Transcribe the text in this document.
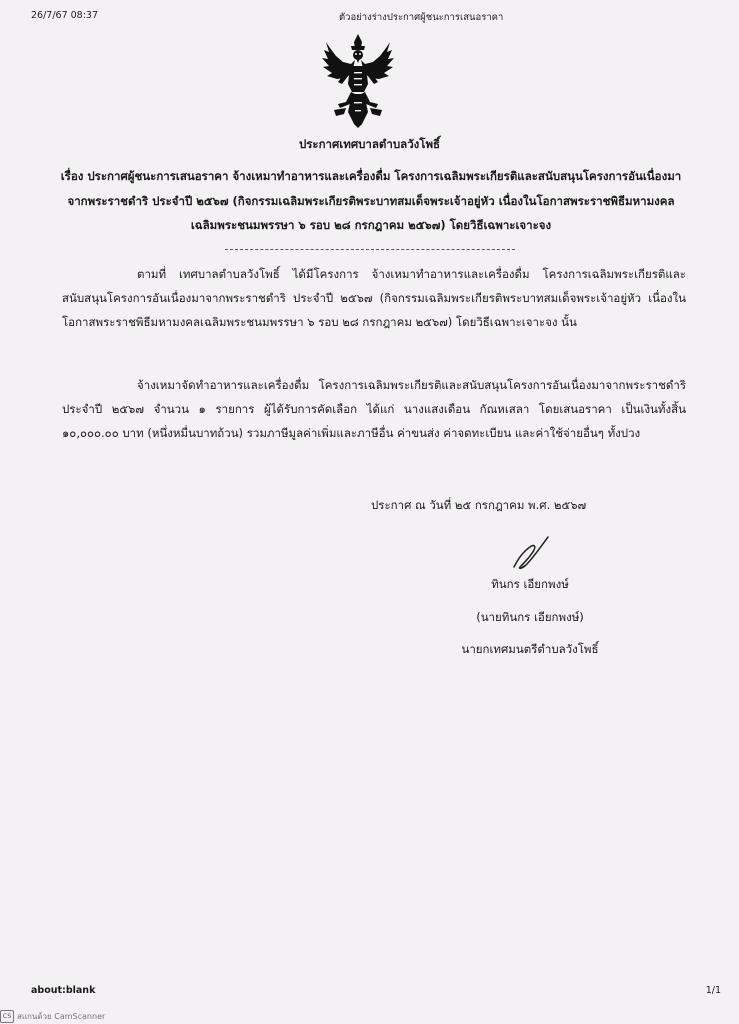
26/7/67 08:37	ตัวอย่างร่างประกาศผู้ชนะการเสนอราคา
ประกาศเทศบาลตำบลวังโพธิ์
เรื่อง ประกาศผู้ชนะการเสนอราคา จ้างเหมาทำอาหารและเครื่องดื่ม โครงการเฉลิมพระเกียรติและสนับสนุนโครงการอันเนื่องมาจากพระราชดำริ ประจำปี ๒๕๖๗ (กิจกรรมเฉลิมพระเกียรติพระบาทสมเด็จพระเจ้าอยู่หัว เนื่องในโอกาสพระราชพิธีมหามงคลเฉลิมพระชนมพรรษา ๖ รอบ ๒๘ กรกฎาคม ๒๕๖๗) โดยวิธีเฉพาะเจาะจง
ตามที่ เทศบาลตำบลวังโพธิ์ ได้มีโครงการ จ้างเหมาทำอาหารและเครื่องดื่ม โครงการเฉลิมพระเกียรติและสนับสนุนโครงการอันเนื่องมาจากพระราชดำริ ประจำปี ๒๕๖๗ (กิจกรรมเฉลิมพระเกียรติพระบาทสมเด็จพระเจ้าอยู่หัว เนื่องในโอกาสพระราชพิธีมหามงคลเฉลิมพระชนมพรรษา ๖ รอบ ๒๘ กรกฎาคม ๒๕๖๗) โดยวิธีเฉพาะเจาะจง นั้น
จ้างเหมาจัดทำอาหารและเครื่องดื่ม โครงการเฉลิมพระเกียรติและสนับสนุนโครงการอันเนื่องมาจากพระราชดำริ ประจำปี ๒๕๖๗ จำนวน ๑ รายการ ผู้ได้รับการคัดเลือก ได้แก่ นางแสงเดือน กัณหเสลา โดยเสนอราคา เป็นเงินทั้งสิ้น ๑๐,๐๐๐.๐๐ บาท (หนึ่งหมื่นบาทถ้วน) รวมภาษีมูลค่าเพิ่มและภาษีอื่น ค่าขนส่ง ค่าจดทะเบียน และค่าใช้จ่ายอื่นๆ ทั้งปวง
ประกาศ ณ วันที่ ๒๕ กรกฎาคม พ.ศ. ๒๕๖๗
ทินกร เอียกพงษ์
(นายทินกร เอียกพงษ์)
นายกเทศมนตรีตำบลวังโพธิ์
about:blank	1/1
CS สแกนด้วย CamScanner
